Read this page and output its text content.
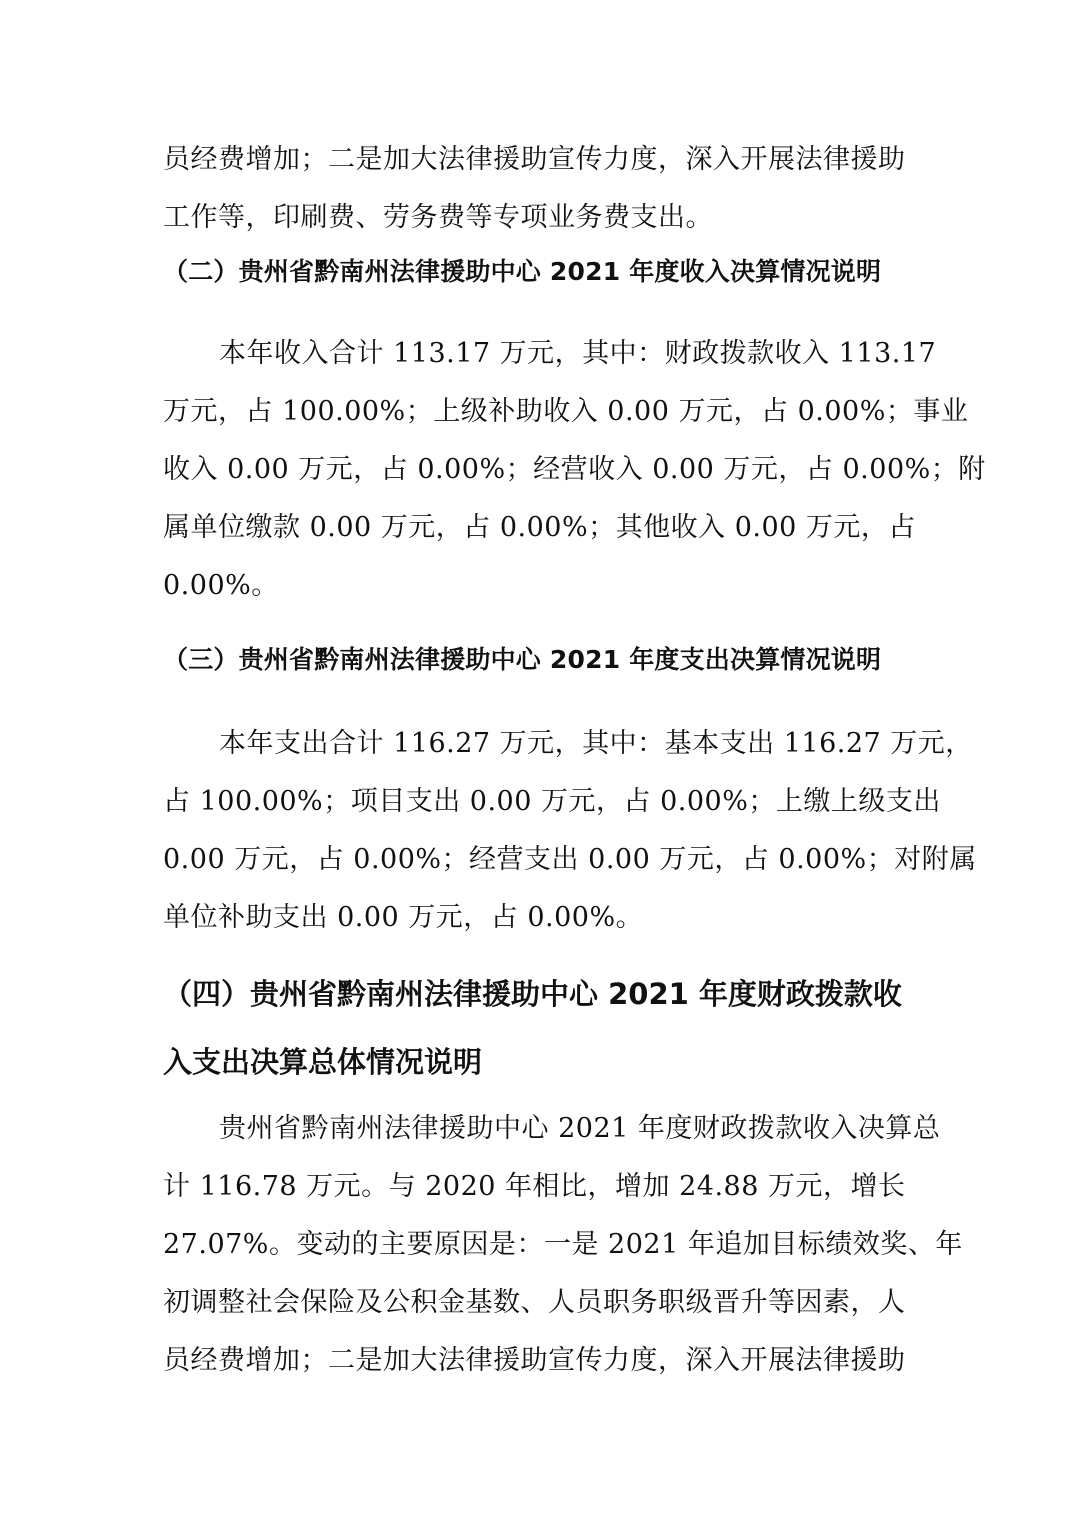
员经费增加；二是加大法律援助宣传力度，深入开展法律援助
工作等，印刷费、劳务费等专项业务费支出。
（二）贵州省黔南州法律援助中心 2021 年度收入决算情况说明
本年收入合计 113.17 万元，其中：财政拨款收入 113.17
万元，占 100.00%；上级补助收入 0.00 万元，占 0.00%；事业
收入 0.00 万元，占 0.00%；经营收入 0.00 万元，占 0.00%；附
属单位缴款 0.00 万元，占 0.00%；其他收入 0.00 万元，占
0.00%。
（三）贵州省黔南州法律援助中心 2021 年度支出决算情况说明
本年支出合计 116.27 万元，其中：基本支出 116.27 万元，
占 100.00%；项目支出 0.00 万元，占 0.00%；上缴上级支出
0.00 万元，占 0.00%；经营支出 0.00 万元，占 0.00%；对附属
单位补助支出 0.00 万元，占 0.00%。
（四）贵州省黔南州法律援助中心 2021 年度财政拨款收
入支出决算总体情况说明
贵州省黔南州法律援助中心 2021 年度财政拨款收入决算总
计 116.78 万元。与 2020 年相比，增加 24.88 万元，增长
27.07%。变动的主要原因是：一是 2021 年追加目标绩效奖、年
初调整社会保险及公积金基数、人员职务职级晋升等因素，人
员经费增加；二是加大法律援助宣传力度，深入开展法律援助
